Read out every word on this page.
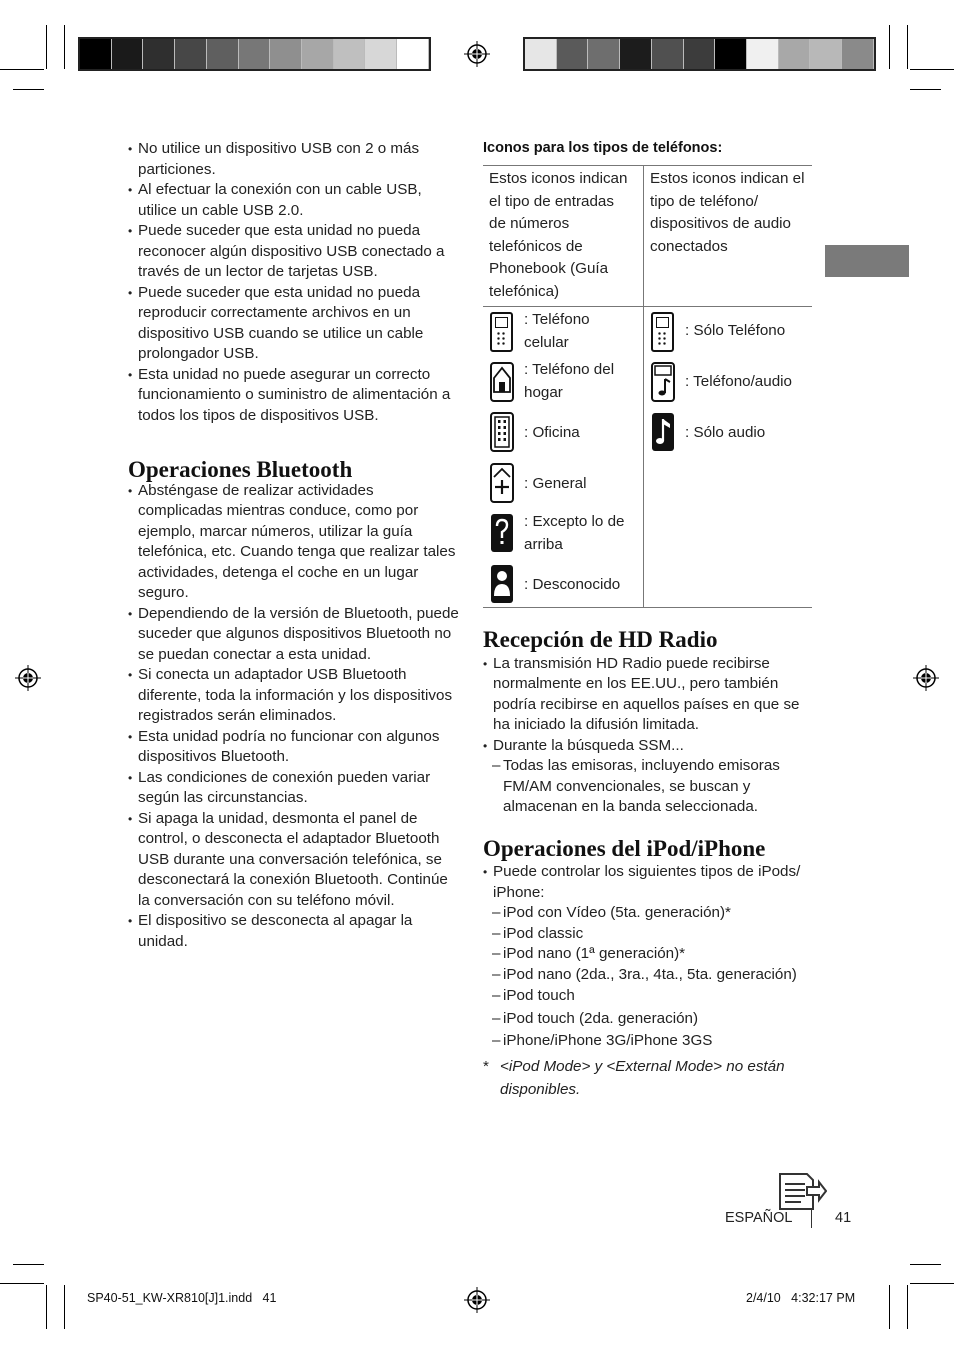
• No utilice un dispositivo USB con 2 o más particiones.
• Al efectuar la conexión con un cable USB, utilice un cable USB 2.0.
• Puede suceder que esta unidad no pueda reconocer algún dispositivo USB conectado a través de un lector de tarjetas USB.
• Puede suceder que esta unidad no pueda reproducir correctamente archivos en un dispositivo USB cuando se utilice un cable prolongador USB.
• Esta unidad no puede asegurar un correcto funcionamiento o suministro de alimentación a todos los tipos de dispositivos USB.
Operaciones Bluetooth
• Absténgase de realizar actividades complicadas mientras conduce, como por ejemplo, marcar números, utilizar la guía telefónica, etc. Cuando tenga que realizar tales actividades, detenga el coche en un lugar seguro.
• Dependiendo de la versión de Bluetooth, puede suceder que algunos dispositivos Bluetooth no se puedan conectar a esta unidad.
• Si conecta un adaptador USB Bluetooth diferente, toda la información y los dispositivos registrados serán eliminados.
• Esta unidad podría no funcionar con algunos dispositivos Bluetooth.
• Las condiciones de conexión pueden variar según las circunstancias.
• Si apaga la unidad, desmonta el panel de control, o desconecta el adaptador Bluetooth USB durante una conversación telefónica, se desconectará la conexión Bluetooth. Continúe la conversación con su teléfono móvil.
• El dispositivo se desconecta al apagar la unidad.
Iconos para los tipos de teléfonos:
Estos iconos indican el tipo de entradas de números telefónicos de Phonebook (Guía telefónica)
Estos iconos indican el tipo de teléfono/ dispositivos de audio conectados
: Teléfono celular
: Teléfono del hogar
: Oficina
: General
: Excepto lo de arriba
: Desconocido
: Sólo Teléfono
: Teléfono/audio
: Sólo audio
Recepción de HD Radio
• La transmisión HD Radio puede recibirse normalmente en los EE.UU., pero también podría recibirse en aquellos países en que se ha iniciado la difusión limitada.
• Durante la búsqueda SSM...
– Todas las emisoras, incluyendo emisoras FM/AM convencionales, se buscan y almacenan en la banda seleccionada.
Operaciones del iPod/iPhone
• Puede controlar los siguientes tipos de iPods/ iPhone:
– iPod con Vídeo (5ta. generación)*
– iPod classic
– iPod nano (1ª generación)*
– iPod nano (2da., 3ra., 4ta., 5ta. generación)
– iPod touch
– iPod touch (2da. generación)
– iPhone/iPhone 3G/iPhone 3GS
* <iPod Mode> y <External Mode> no están disponibles.
ESPAÑOL	41
SP40-51_KW-XR810[J]1.indd   41	2/4/10   4:32:17 PM
